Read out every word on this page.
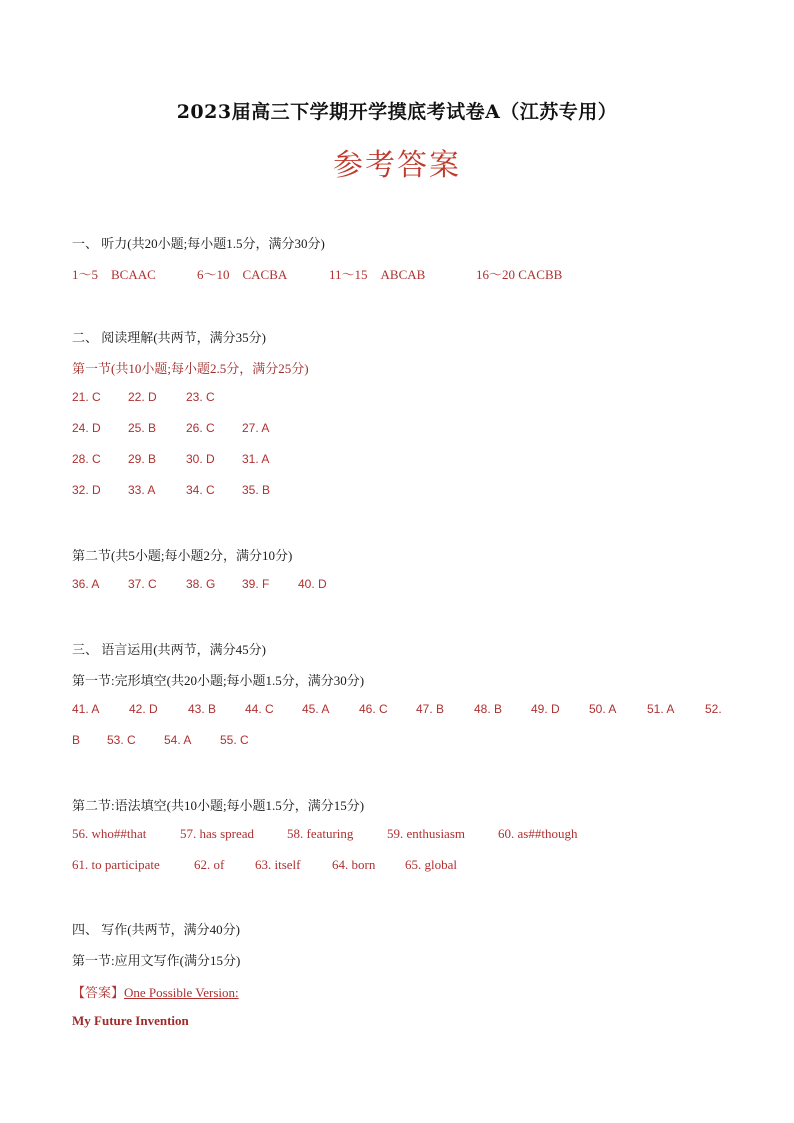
2023届高三下学期开学摸底考试卷A（江苏专用）
参考答案
一、 听力(共20小题;每小题1.5分，满分30分)
1～5　BCAAC	6～10　CACBA	11～15　ABCAB	16～20 CACBB
二、 阅读理解(共两节，满分35分)
第一节(共10小题;每小题2.5分，满分25分)
21. C 22. D 23. C
24. D 25. B 26. C 27. A
28. C 29. B 30. D 31. A
32. D 33. A	34. C 35. B
第二节(共5小题;每小题2分，满分10分)
36. A 37. C 38. G 39. F 40. D
三、 语言运用(共两节，满分45分)
第一节:完形填空(共20小题;每小题1.5分，满分30分)
41. A 42. D	43. B 44. C 45. A 46. C 47. B 48. B 49. D 50. A	51. A	52.
B 53. C 54. A 55. C
第二节:语法填空(共10小题;每小题1.5分，满分15分)
56. who##that	57. has spread	58. featuring	59. enthusiasm	60. as##though
61. to participate	62. of 63. itself 64. born 65. global
四、 写作(共两节，满分40分)
第一节:应用文写作(满分15分)
【答案】One Possible Version:
My Future Invention
